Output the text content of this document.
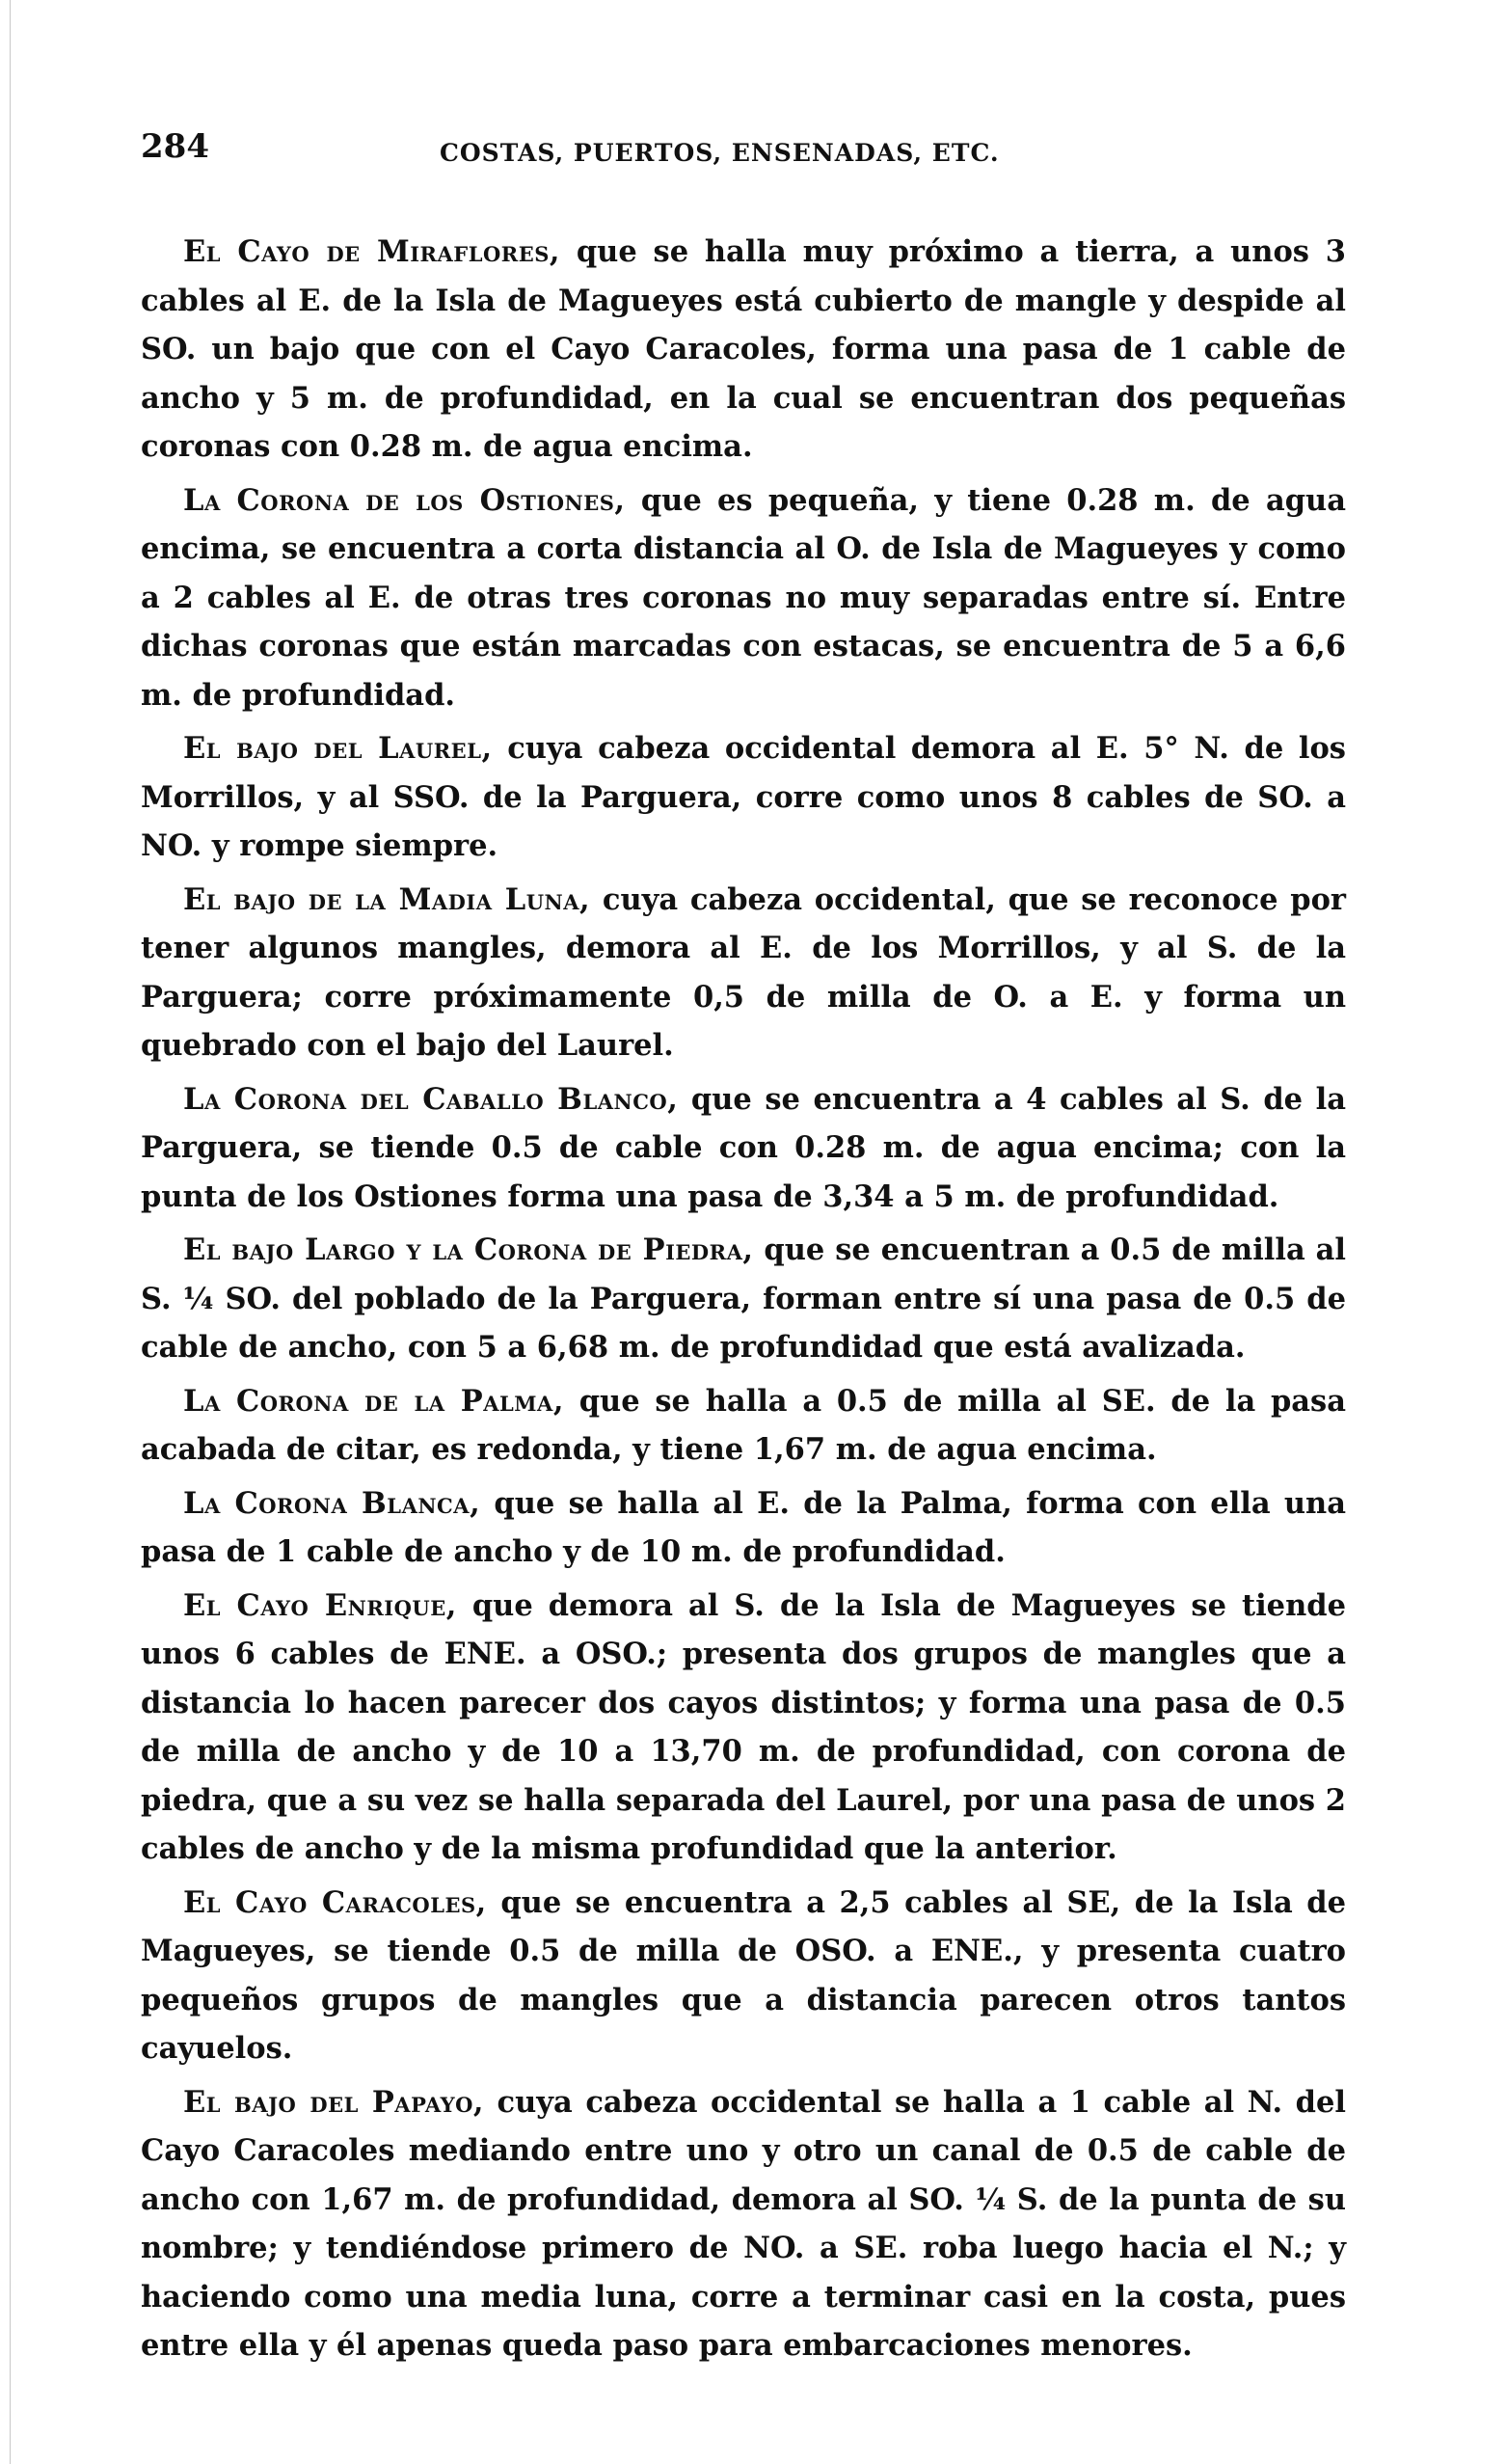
284	COSTAS, PUERTOS, ENSENADAS, ETC.

El Cayo de Miraflores, que se halla muy próximo a tierra, a unos 3 cables al E. de la Isla de Magueyes está cubierto de mangle y despide al SO. un bajo que con el Cayo Caracoles, forma una pasa de 1 cable de ancho y 5 m. de profundidad, en la cual se encuentran dos pequeñas coronas con 0.28 m. de agua encima.

La Corona de los Ostiones, que es pequeña, y tiene 0.28 m. de agua encima, se encuentra a corta distancia al O. de Isla de Magueyes y como a 2 cables al E. de otras tres coronas no muy separadas entre sí. Entre dichas coronas que están marcadas con estacas, se encuentra de 5 a 6,6 m. de profundidad.

El bajo del Laurel, cuya cabeza occidental demora al E. 5° N. de los Morrillos, y al SSO. de la Parguera, corre como unos 8 cables de SO. a NO. y rompe siempre.

El bajo de la Madia Luna, cuya cabeza occidental, que se reconoce por tener algunos mangles, demora al E. de los Morrillos, y al S. de la Parguera; corre próximamente 0,5 de milla de O. a E. y forma un quebrado con el bajo del Laurel.

La Corona del Caballo Blanco, que se encuentra a 4 cables al S. de la Parguera, se tiende 0.5 de cable con 0.28 m. de agua encima; con la punta de los Ostiones forma una pasa de 3,34 a 5 m. de profundidad.

El bajo Largo y la Corona de Piedra, que se encuentran a 0.5 de milla al S. ¼ SO. del poblado de la Parguera, forman entre sí una pasa de 0.5 de cable de ancho, con 5 a 6,68 m. de profundidad que está avalizada.

La Corona de la Palma, que se halla a 0.5 de milla al SE. de la pasa acabada de citar, es redonda, y tiene 1,67 m. de agua encima.

La Corona Blanca, que se halla al E. de la Palma, forma con ella una pasa de 1 cable de ancho y de 10 m. de profundidad.

El Cayo Enrique, que demora al S. de la Isla de Magueyes se tiende unos 6 cables de ENE. a OSO.; presenta dos grupos de mangles que a distancia lo hacen parecer dos cayos distintos; y forma una pasa de 0.5 de milla de ancho y de 10 a 13,70 m. de profundidad, con corona de piedra, que a su vez se halla separada del Laurel, por una pasa de unos 2 cables de ancho y de la misma profundidad que la anterior.

El Cayo Caracoles, que se encuentra a 2,5 cables al SE, de la Isla de Magueyes, se tiende 0.5 de milla de OSO. a ENE., y presenta cuatro pequeños grupos de mangles que a distancia parecen otros tantos cayuelos.

El bajo del Papayo, cuya cabeza occidental se halla a 1 cable al N. del Cayo Caracoles mediando entre uno y otro un canal de 0.5 de cable de ancho con 1,67 m. de profundidad, demora al SO. ¼ S. de la punta de su nombre; y tendiéndose primero de NO. a SE. roba luego hacia el N.; y haciendo como una media luna, corre a terminar casi en la costa, pues entre ella y él apenas queda paso para embarcaciones menores.
